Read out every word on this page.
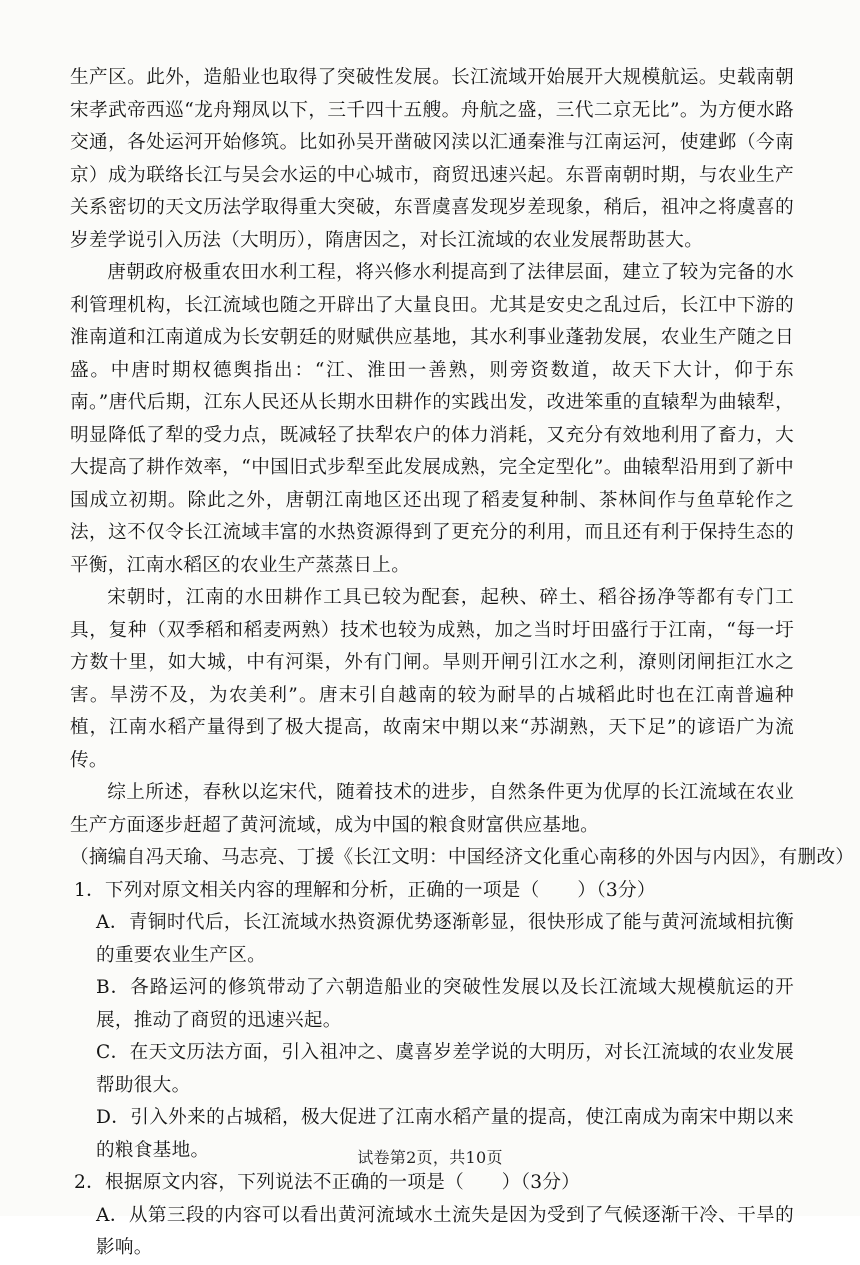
生产区。此外，造船业也取得了突破性发展。长江流域开始展开大规模航运。史载南朝宋孝武帝西巡“龙舟翔凤以下，三千四十五艘。舟航之盛，三代二京无比”。为方便水路交通，各处运河开始修筑。比如孙吴开凿破冈渎以汇通秦淮与江南运河，使建邺（今南京）成为联络长江与吴会水运的中心城市，商贸迅速兴起。东晋南朝时期，与农业生产关系密切的天文历法学取得重大突破，东晋虞喜发现岁差现象，稍后，祖冲之将虞喜的岁差学说引入历法（大明历），隋唐因之，对长江流域的农业发展帮助甚大。

唐朝政府极重农田水利工程，将兴修水利提高到了法律层面，建立了较为完备的水利管理机构，长江流域也随之开辟出了大量良田。尤其是安史之乱过后，长江中下游的淮南道和江南道成为长安朝廷的财赋供应基地，其水利事业蓬勃发展，农业生产随之日盛。中唐时期权德舆指出：“江、淮田一善熟，则旁资数道，故天下大计，仰于东南。”唐代后期，江东人民还从长期水田耕作的实践出发，改进笨重的直辕犁为曲辕犁，明显降低了犁的受力点，既减轻了扶犁农户的体力消耗，又充分有效地利用了畜力，大大提高了耕作效率，“中国旧式步犁至此发展成熟，完全定型化”。曲辕犁沿用到了新中国成立初期。除此之外，唐朝江南地区还出现了稻麦复种制、茶林间作与鱼草轮作之法，这不仅令长江流域丰富的水热资源得到了更充分的利用，而且还有利于保持生态的平衡，江南水稻区的农业生产蒸蒸日上。

宋朝时，江南的水田耕作工具已较为配套，起秧、碎土、稻谷扬净等都有专门工具，复种（双季稻和稻麦两熟）技术也较为成熟，加之当时圩田盛行于江南，“每一圩方数十里，如大城，中有河渠，外有门闸。旱则开闸引江水之利，潦则闭闸拒江水之害。旱涝不及，为农美利”。唐末引自越南的较为耐旱的占城稻此时也在江南普遍种植，江南水稻产量得到了极大提高，故南宋中期以来“苏湖熟，天下足”的谚语广为流传。

综上所述，春秋以迄宋代，随着技术的进步，自然条件更为优厚的长江流域在农业生产方面逐步赶超了黄河流域，成为中国的粮食财富供应基地。

（摘编自冯天瑜、马志亮、丁援《长江文明：中国经济文化重心南移的外因与内因》，有删改）

1．下列对原文相关内容的理解和分析，正确的一项是（　　）（3分）

A．青铜时代后，长江流域水热资源优势逐渐彰显，很快形成了能与黄河流域相抗衡的重要农业生产区。

B．各路运河的修筑带动了六朝造船业的突破性发展以及长江流域大规模航运的开展，推动了商贸的迅速兴起。

C．在天文历法方面，引入祖冲之、虞喜岁差学说的大明历，对长江流域的农业发展帮助很大。

D．引入外来的占城稻，极大促进了江南水稻产量的提高，使江南成为南宋中期以来的粮食基地。

2．根据原文内容，下列说法不正确的一项是（　　）（3分）

A．从第三段的内容可以看出黄河流域水土流失是因为受到了气候逐渐干冷、干旱的影响。

试卷第2页，共10页
